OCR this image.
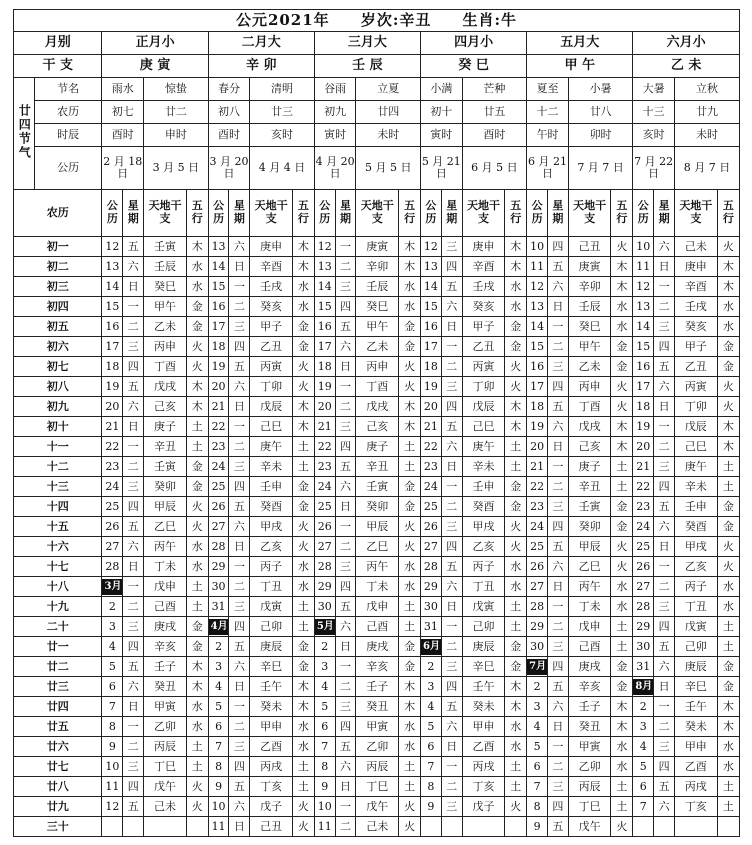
公元2021年 岁次:辛丑 生肖:牛																									
月别		正月小				二月大				三月大				四月小				五月大				六月小			
干 支		庚 寅				辛 卯				壬 辰				癸 巳				甲 午				乙 未			
廿四节气	节名	雨水		惊蛰		春分		清明		谷雨		立夏		小满		芒种		夏至		小暑		大暑		立秋	
	农历	初七		廿二		初八		廿三		初九		廿四		初十		廿五		十二		廿八		十三		廿九	
	时辰	酉时		申时		酉时		亥时		寅时		未时		寅时		酉时		午时		卯时		亥时		未时	
	公历	2 月 18 日		3 月 5 日		3 月 20 日		4 月 4 日		4 月 20 日		5 月 5 日		5 月 21 日		6 月 5 日		6 月 21 日		7 月 7 日		7 月 22 日		8 月 7 日	
农历		公历	星期	天地干支	五行	公历	星期	天地干支	五行	公历	星期	天地干支	五行	公历	星期	天地干支	五行	公历	星期	天地干支	五行	公历	星期	天地干支	五行
初一		12	五	壬寅	木	13	六	庚申	木	12	一	庚寅	木	12	三	庚申	木	10	四	己丑	火	10	六	己未	火
初二		13	六	壬辰	水	14	日	辛酉	木	13	二	辛卯	木	13	四	辛酉	木	11	五	庚寅	木	11	日	庚申	木
初三		14	日	癸巳	水	15	一	壬戌	水	14	三	壬辰	水	14	五	壬戌	水	12	六	辛卯	木	12	一	辛酉	木
初四		15	一	甲午	金	16	二	癸亥	水	15	四	癸巳	水	15	六	癸亥	水	13	日	壬辰	水	13	二	壬戌	水
初五		16	二	乙未	金	17	三	甲子	金	16	五	甲午	金	16	日	甲子	金	14	一	癸巳	水	14	三	癸亥	水
初六		17	三	丙申	火	18	四	乙丑	金	17	六	乙未	金	17	一	乙丑	金	15	二	甲午	金	15	四	甲子	金
初七		18	四	丁酉	火	19	五	丙寅	火	18	日	丙申	火	18	二	丙寅	火	16	三	乙未	金	16	五	乙丑	金
初八		19	五	戊戌	木	20	六	丁卯	火	19	一	丁酉	火	19	三	丁卯	火	17	四	丙申	火	17	六	丙寅	火
初九		20	六	己亥	木	21	日	戊辰	木	20	二	戊戌	木	20	四	戊辰	木	18	五	丁酉	火	18	日	丁卯	火
初十		21	日	庚子	土	22	一	己巳	木	21	三	己亥	木	21	五	己巳	木	19	六	戊戌	木	19	一	戊辰	木
十一		22	一	辛丑	土	23	二	庚午	土	22	四	庚子	土	22	六	庚午	土	20	日	己亥	木	20	二	己巳	木
十二		23	二	壬寅	金	24	三	辛未	土	23	五	辛丑	土	23	日	辛未	土	21	一	庚子	土	21	三	庚午	土
十三		24	三	癸卯	金	25	四	壬申	金	24	六	壬寅	金	24	一	壬申	金	22	二	辛丑	土	22	四	辛未	土
十四		25	四	甲辰	火	26	五	癸酉	金	25	日	癸卯	金	25	二	癸酉	金	23	三	壬寅	金	23	五	壬申	金
十五		26	五	乙巳	火	27	六	甲戌	火	26	一	甲辰	火	26	三	甲戌	火	24	四	癸卯	金	24	六	癸酉	金
十六		27	六	丙午	水	28	日	乙亥	火	27	二	乙巳	火	27	四	乙亥	火	25	五	甲辰	火	25	日	甲戌	火
十七		28	日	丁未	水	29	一	丙子	水	28	三	丙午	水	28	五	丙子	水	26	六	乙巳	火	26	一	乙亥	火
十八		3月	一	戊申	土	30	二	丁丑	水	29	四	丁未	水	29	六	丁丑	水	27	日	丙午	水	27	二	丙子	水
十九		2	二	己酉	土	31	三	戊寅	土	30	五	戊申	土	30	日	戊寅	土	28	一	丁未	水	28	三	丁丑	水
二十		3	三	庚戌	金	4月	四	己卯	土	5月	六	己酉	土	31	一	己卯	土	29	二	戊申	土	29	四	戊寅	土
廿一		4	四	辛亥	金	2	五	庚辰	金	2	日	庚戌	金	6月	二	庚辰	金	30	三	己酉	土	30	五	己卯	土
廿二		5	五	壬子	木	3	六	辛巳	金	3	一	辛亥	金	2	三	辛巳	金	7月	四	庚戌	金	31	六	庚辰	金
廿三		6	六	癸丑	木	4	日	壬午	木	4	二	壬子	木	3	四	壬午	木	2	五	辛亥	金	8月	日	辛巳	金
廿四		7	日	甲寅	水	5	一	癸未	木	5	三	癸丑	木	4	五	癸未	木	3	六	壬子	木	2	一	壬午	木
廿五		8	一	乙卯	水	6	二	甲申	水	6	四	甲寅	水	5	六	甲申	水	4	日	癸丑	木	3	二	癸未	木
廿六		9	二	丙辰	土	7	三	乙酉	水	7	五	乙卯	水	6	日	乙酉	水	5	一	甲寅	水	4	三	甲申	水
廿七		10	三	丁巳	土	8	四	丙戌	土	8	六	丙辰	土	7	一	丙戌	土	6	二	乙卯	水	5	四	乙酉	水
廿八		11	四	戊午	火	9	五	丁亥	土	9	日	丁巳	土	8	二	丁亥	土	7	三	丙辰	土	6	五	丙戌	土
廿九		12	五	己未	火	10	六	戊子	火	10	一	戊午	火	9	三	戊子	火	8	四	丁巳	土	7	六	丁亥	土
三十						11	日	己丑	火	11	二	己未	火					9	五	戊午	火				
